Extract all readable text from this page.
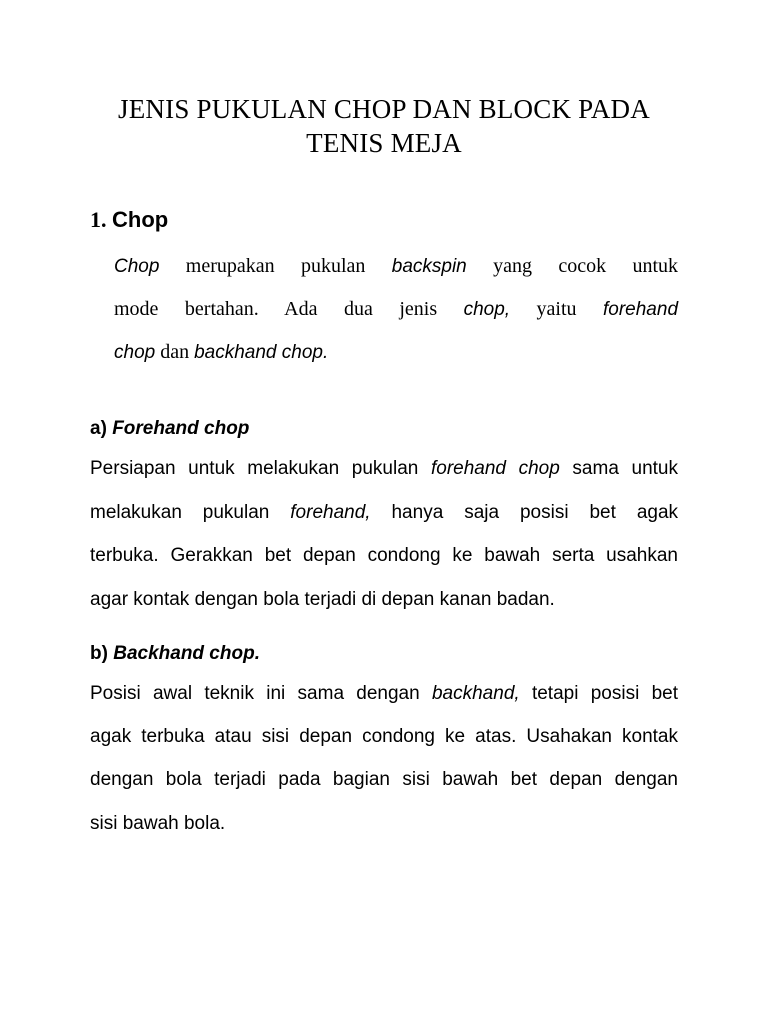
JENIS PUKULAN CHOP DAN BLOCK PADA
TENIS MEJA
1. Chop
Chop merupakan pukulan backspin yang cocok untuk
mode bertahan. Ada dua jenis chop, yaitu forehand
chop dan backhand chop.
a) Forehand chop
Persiapan untuk melakukan pukulan forehand chop sama untuk
melakukan pukulan forehand, hanya saja posisi bet agak
terbuka. Gerakkan bet depan condong ke bawah serta usahkan
agar kontak dengan bola terjadi di depan kanan badan.
b) Backhand chop.
Posisi awal teknik ini sama dengan backhand, tetapi posisi bet
agak terbuka atau sisi depan condong ke atas. Usahakan kontak
dengan bola terjadi pada bagian sisi bawah bet depan dengan
sisi bawah bola.
